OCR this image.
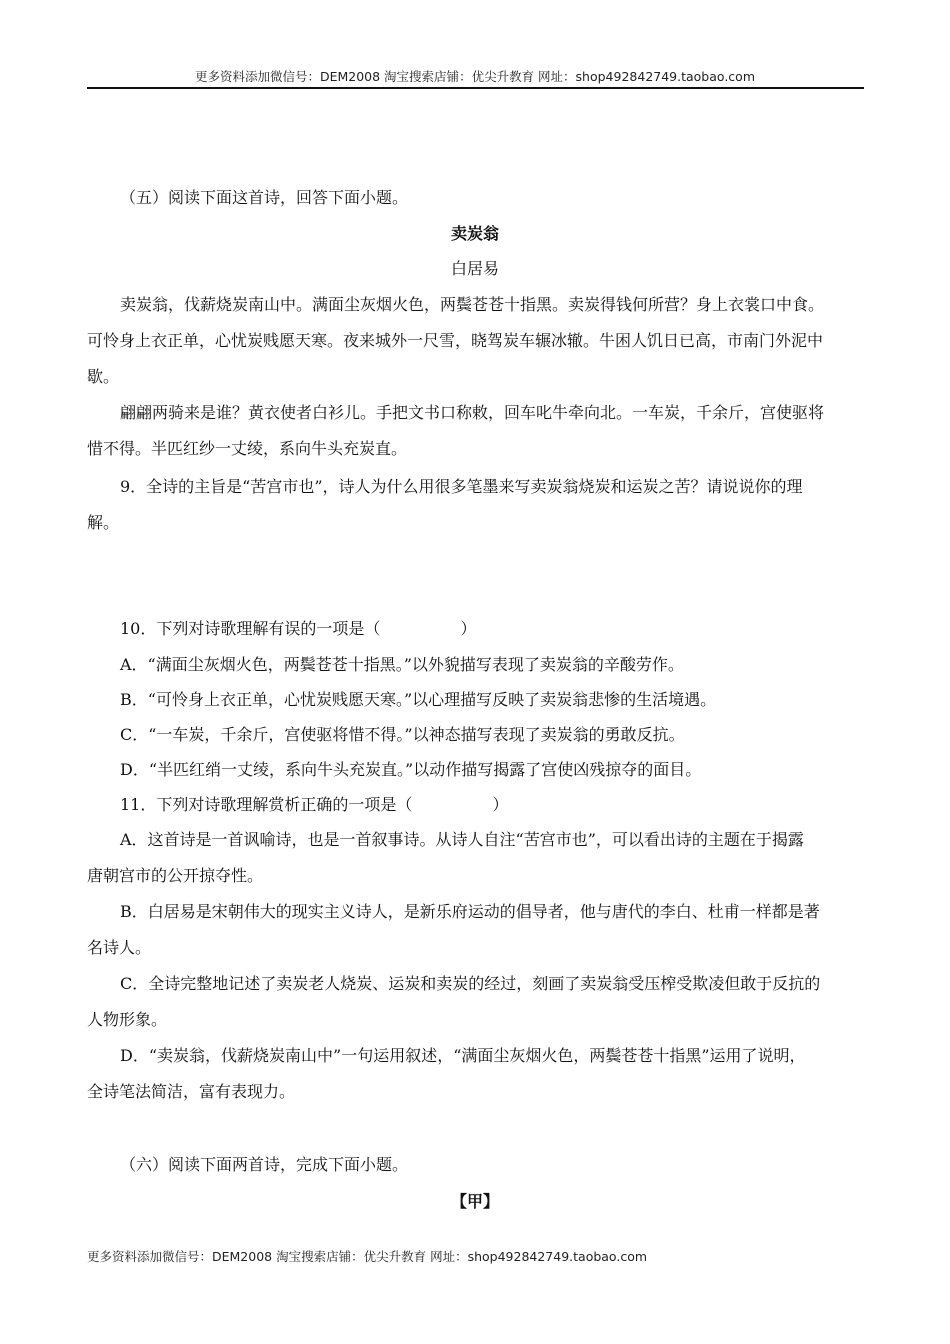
更多资料添加微信号：DEM2008 淘宝搜索店铺：优尖升教育 网址：shop492842749.taobao.com
（五）阅读下面这首诗，回答下面小题。
卖炭翁
白居易
卖炭翁，伐薪烧炭南山中。满面尘灰烟火色，两鬓苍苍十指黑。卖炭得钱何所营？身上衣裳口中食。
可怜身上衣正单，心忧炭贱愿天寒。夜来城外一尺雪，晓驾炭车辗冰辙。牛困人饥日已高，市南门外泥中
歇。
翩翩两骑来是谁？黄衣使者白衫儿。手把文书口称敕，回车叱牛牵向北。一车炭，千余斤，宫使驱将
惜不得。半匹红纱一丈绫，系向牛头充炭直。
9．全诗的主旨是“苦宫市也”，诗人为什么用很多笔墨来写卖炭翁烧炭和运炭之苦？请说说你的理
解。
10．下列对诗歌理解有误的一项是（　　　　　）
A．“满面尘灰烟火色，两鬓苍苍十指黑。”以外貌描写表现了卖炭翁的辛酸劳作。
B．“可怜身上衣正单，心忧炭贱愿天寒。”以心理描写反映了卖炭翁悲惨的生活境遇。
C．“一车炭，千余斤，宫使驱将惜不得。”以神态描写表现了卖炭翁的勇敢反抗。
D．“半匹红绡一丈绫，系向牛头充炭直。”以动作描写揭露了宫使凶残掠夺的面目。
11．下列对诗歌理解赏析正确的一项是（　　　　　）
A．这首诗是一首讽喻诗，也是一首叙事诗。从诗人自注“苦宫市也”，可以看出诗的主题在于揭露
唐朝宫市的公开掠夺性。
B．白居易是宋朝伟大的现实主义诗人，是新乐府运动的倡导者，他与唐代的李白、杜甫一样都是著
名诗人。
C．全诗完整地记述了卖炭老人烧炭、运炭和卖炭的经过，刻画了卖炭翁受压榨受欺凌但敢于反抗的
人物形象。
D．“卖炭翁，伐薪烧炭南山中”一句运用叙述，“满面尘灰烟火色，两鬓苍苍十指黑”运用了说明，
全诗笔法简洁，富有表现力。
（六）阅读下面两首诗，完成下面小题。
【甲】
更多资料添加微信号：DEM2008 淘宝搜索店铺：优尖升教育 网址：shop492842749.taobao.com
